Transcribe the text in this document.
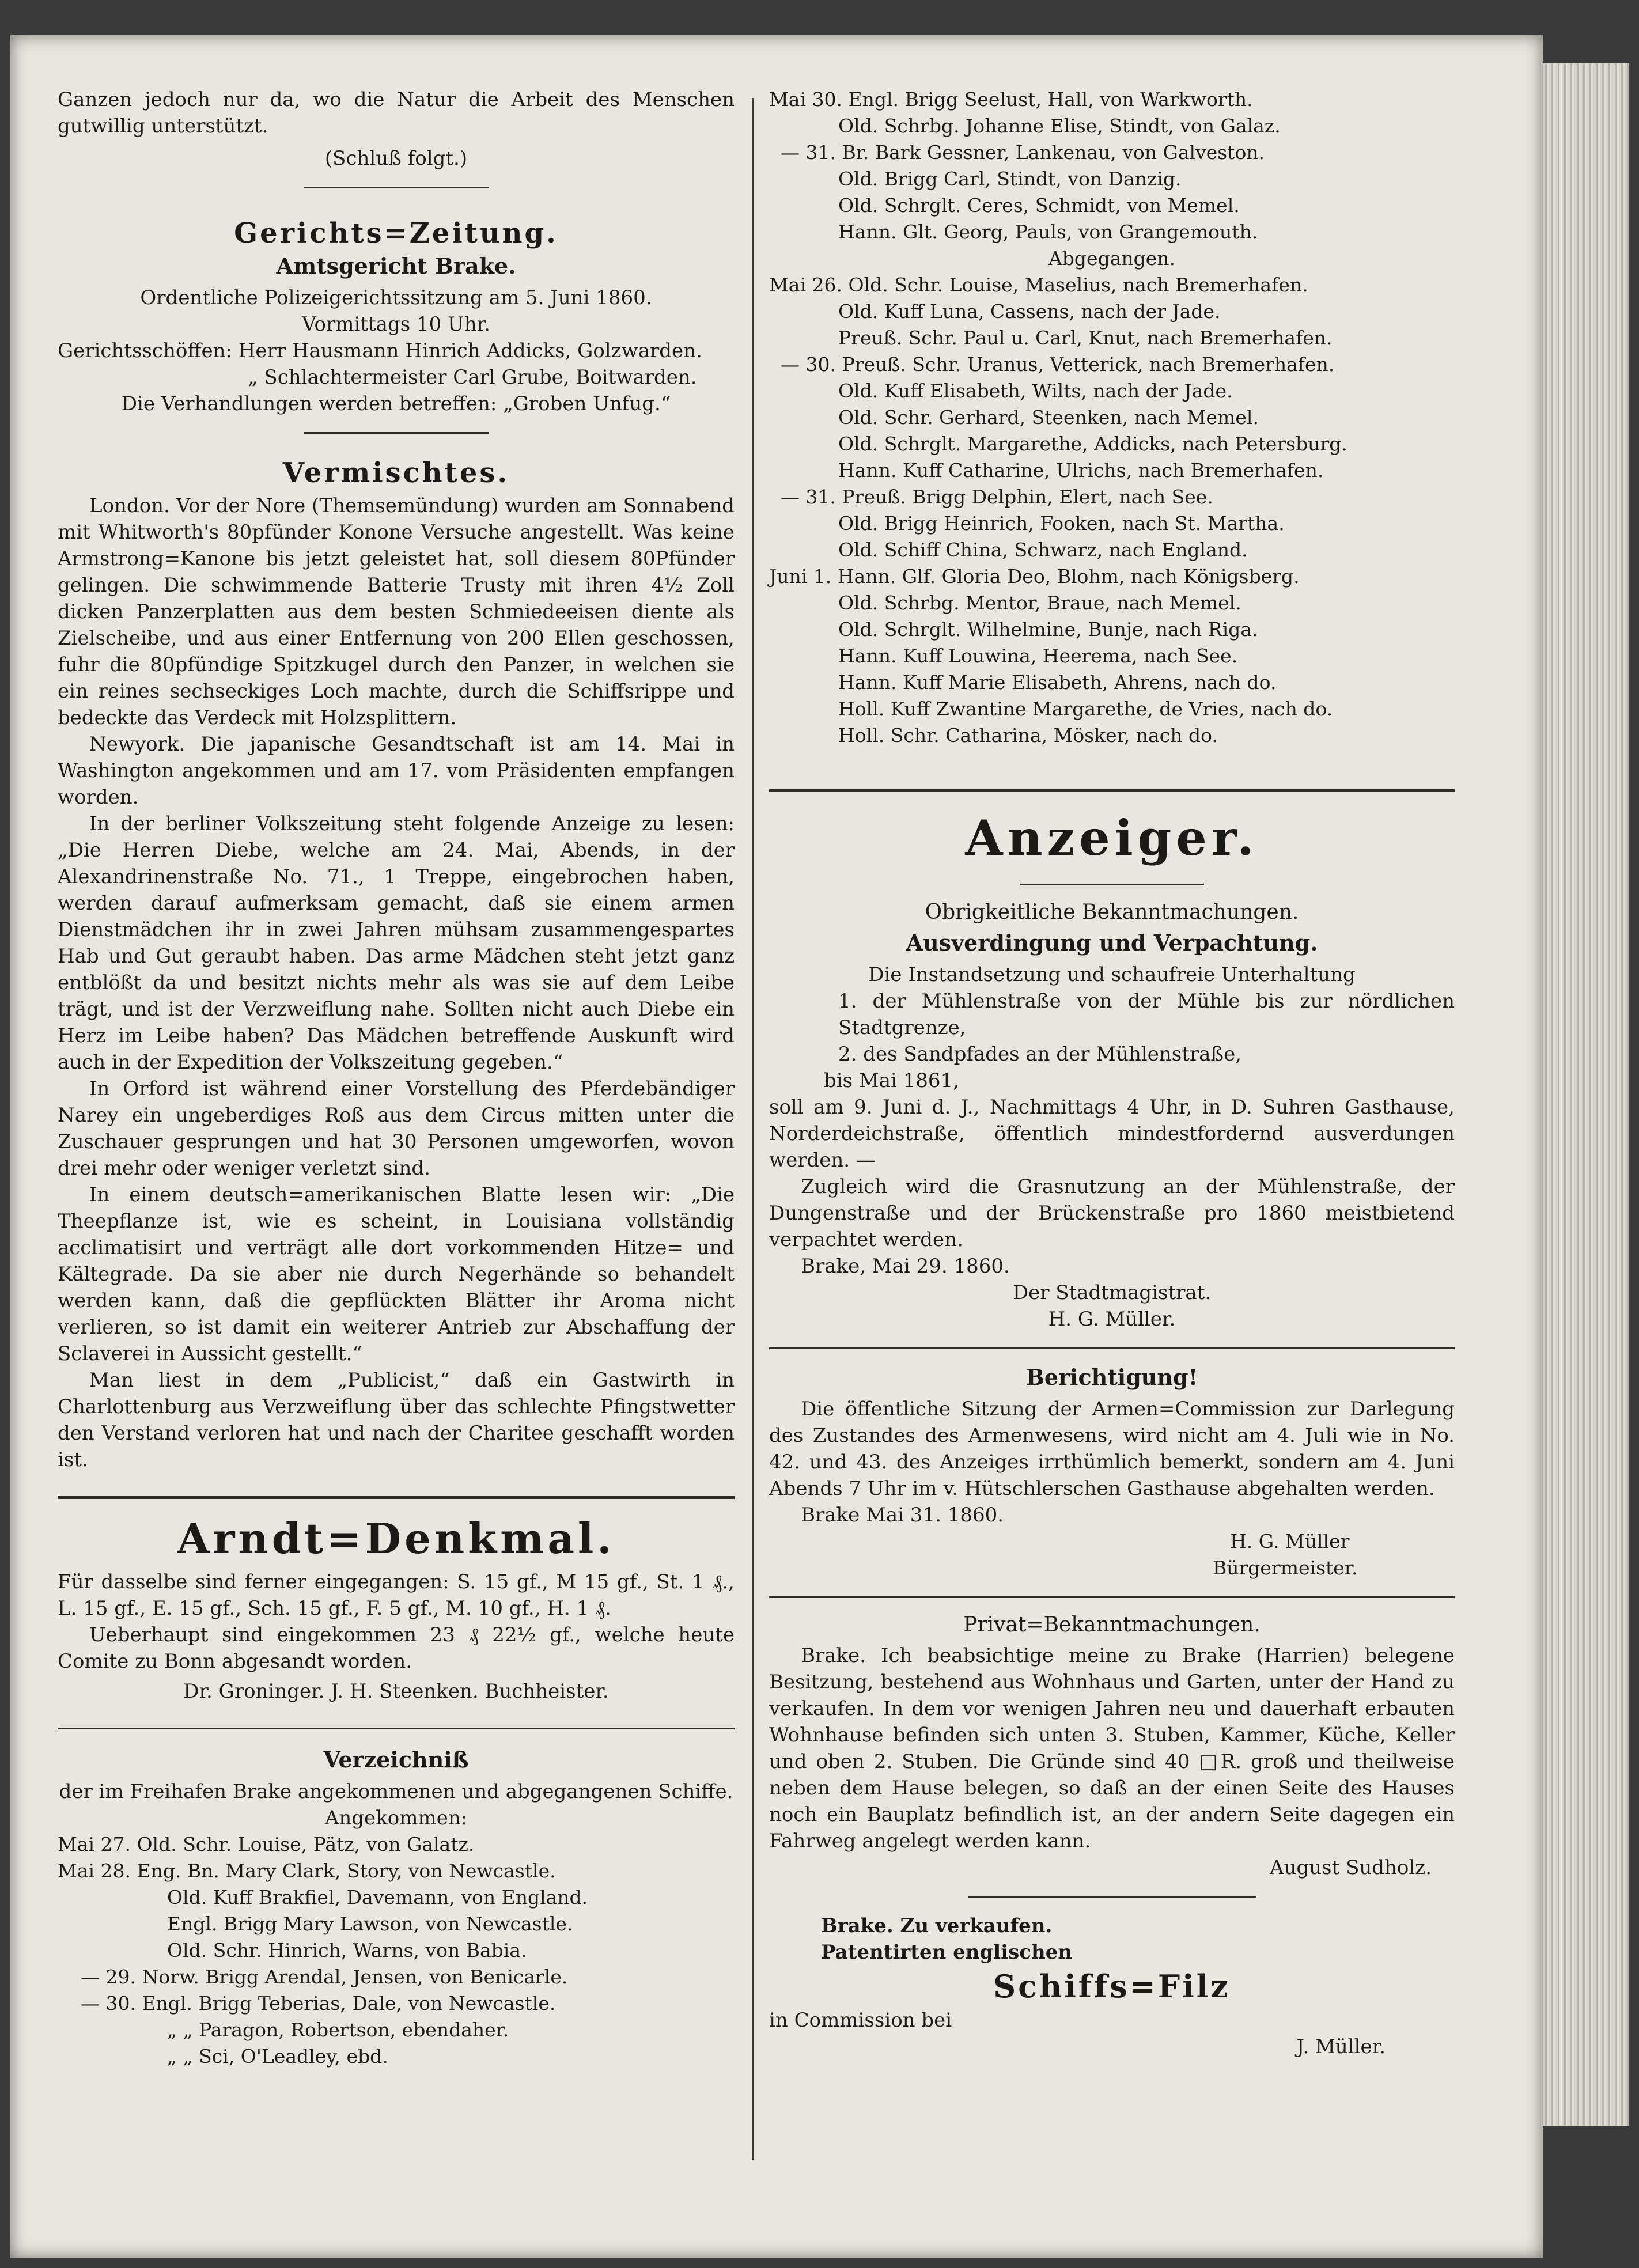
Ganzen jedoch nur da, wo die Natur die Arbeit des Menschen gutwillig unterstützt.

(Schluß folgt.)

Gerichts=Zeitung.
Amtsgericht Brake.

Ordentliche Polizeigerichtssitzung am 5. Juni 1860.

Vormittags 10 Uhr.

Gerichtsschöffen: Herr Hausmann Hinrich Addicks, Golzwarden.

„ Schlachtermeister Carl Grube, Boitwarden.

Die Verhandlungen werden betreffen: „Groben Unfug.“

Vermischtes.

London. Vor der Nore (Themsemündung) wurden am Sonnabend mit Whitworth's 80pfünder Konone Versuche angestellt. Was keine Armstrong=Kanone bis jetzt geleistet hat, soll diesem 80Pfünder gelingen. Die schwimmende Batterie Trusty mit ihren 4½ Zoll dicken Panzerplatten aus dem besten Schmiedeeisen diente als Zielscheibe, und aus einer Entfernung von 200 Ellen geschossen, fuhr die 80pfündige Spitzkugel durch den Panzer, in welchen sie ein reines sechseckiges Loch machte, durch die Schiffsrippe und bedeckte das Verdeck mit Holzsplittern.

Newyork. Die japanische Gesandtschaft ist am 14. Mai in Washington angekommen und am 17. vom Präsidenten empfangen worden.

In der berliner Volkszeitung steht folgende Anzeige zu lesen: „Die Herren Diebe, welche am 24. Mai, Abends, in der Alexandrinenstraße No. 71., 1 Treppe, eingebrochen haben, werden darauf aufmerksam gemacht, daß sie einem armen Dienstmädchen ihr in zwei Jahren mühsam zusammengespartes Hab und Gut geraubt haben. Das arme Mädchen steht jetzt ganz entblößt da und besitzt nichts mehr als was sie auf dem Leibe trägt, und ist der Verzweiflung nahe. Sollten nicht auch Diebe ein Herz im Leibe haben? Das Mädchen betreffende Auskunft wird auch in der Expedition der Volkszeitung gegeben.“

In Orford ist während einer Vorstellung des Pferdebändiger Narey ein ungeberdiges Roß aus dem Circus mitten unter die Zuschauer gesprungen und hat 30 Personen umgeworfen, wovon drei mehr oder weniger verletzt sind.

In einem deutsch=amerikanischen Blatte lesen wir: „Die Theepflanze ist, wie es scheint, in Louisiana vollständig acclimatisirt und verträgt alle dort vorkommenden Hitze= und Kältegrade. Da sie aber nie durch Negerhände so behandelt werden kann, daß die gepflückten Blätter ihr Aroma nicht verlieren, so ist damit ein weiterer Antrieb zur Abschaffung der Sclaverei in Aussicht gestellt.“

Man liest in dem „Publicist,“ daß ein Gastwirth in Charlottenburg aus Verzweiflung über das schlechte Pfingstwetter den Verstand verloren hat und nach der Charitee geschafft worden ist.

Arndt=Denkmal.

Für dasselbe sind ferner eingegangen: S. 15 gf., M 15 gf., St. 1 ₰., L. 15 gf., E. 15 gf., Sch. 15 gf., F. 5 gf., M. 10 gf., H. 1 ₰.

Ueberhaupt sind eingekommen 23 ₰ 22½ gf., welche heute Comite zu Bonn abgesandt worden.

Dr. Groninger. J. H. Steenken. Buchheister.

Verzeichniß

der im Freihafen Brake angekommenen und abgegangenen Schiffe.

Angekommen:

Mai 27. Old. Schr. Louise, Pätz, von Galatz.
Mai 28. Eng. Bn. Mary Clark, Story, von Newcastle.
Old. Kuff Brakfiel, Davemann, von England.
Engl. Brigg Mary Lawson, von Newcastle.
Old. Schr. Hinrich, Warns, von Babia.
— 29. Norw. Brigg Arendal, Jensen, von Benicarle.
— 30. Engl. Brigg Teberias, Dale, von Newcastle.
„ „ Paragon, Robertson, ebendaher.
„ „ Sci, O'Leadley, ebd.
Mai 30. Engl. Brigg Seelust, Hall, von Warkworth.
Old. Schrbg. Johanne Elise, Stindt, von Galaz.
— 31. Br. Bark Gessner, Lankenau, von Galveston.
Old. Brigg Carl, Stindt, von Danzig.
Old. Schrglt. Ceres, Schmidt, von Memel.
Hann. Glt. Georg, Pauls, von Grangemouth.
Abgegangen.
Mai 26. Old. Schr. Louise, Maselius, nach Bremerhafen.
Old. Kuff Luna, Cassens, nach der Jade.
Preuß. Schr. Paul u. Carl, Knut, nach Bremerhafen.
— 30. Preuß. Schr. Uranus, Vetterick, nach Bremerhafen.
Old. Kuff Elisabeth, Wilts, nach der Jade.
Old. Schr. Gerhard, Steenken, nach Memel.
Old. Schrglt. Margarethe, Addicks, nach Petersburg.
Hann. Kuff Catharine, Ulrichs, nach Bremerhafen.
— 31. Preuß. Brigg Delphin, Elert, nach See.
Old. Brigg Heinrich, Fooken, nach St. Martha.
Old. Schiff China, Schwarz, nach England.
Juni 1. Hann. Glf. Gloria Deo, Blohm, nach Königsberg.
Old. Schrbg. Mentor, Braue, nach Memel.
Old. Schrglt. Wilhelmine, Bunje, nach Riga.
Hann. Kuff Louwina, Heerema, nach See.
Hann. Kuff Marie Elisabeth, Ahrens, nach do.
Holl. Kuff Zwantine Margarethe, de Vries, nach do.
Holl. Schr. Catharina, Mösker, nach do.
Anzeiger.
Obrigkeitliche Bekanntmachungen.
Ausverdingung und Verpachtung.

Die Instandsetzung und schaufreie Unterhaltung

1. der Mühlenstraße von der Mühle bis zur nördlichen Stadtgrenze,

2. des Sandpfades an der Mühlenstraße,

bis Mai 1861,

soll am 9. Juni d. J., Nachmittags 4 Uhr, in D. Suhren Gasthause, Norderdeichstraße, öffentlich mindestfordernd ausverdungen werden. —

Zugleich wird die Grasnutzung an der Mühlenstraße, der Dungenstraße und der Brückenstraße pro 1860 meistbietend verpachtet werden.

Brake, Mai 29. 1860.

Der Stadtmagistrat.

H. G. Müller.

Berichtigung!

Die öffentliche Sitzung der Armen=Commission zur Darlegung des Zustandes des Armenwesens, wird nicht am 4. Juli wie in No. 42. und 43. des Anzeiges irrthümlich bemerkt, sondern am 4. Juni Abends 7 Uhr im v. Hütschlerschen Gasthause abgehalten werden.

Brake Mai 31. 1860.

H. G. Müller

Bürgermeister.

Privat=Bekanntmachungen.

Brake. Ich beabsichtige meine zu Brake (Harrien) belegene Besitzung, bestehend aus Wohnhaus und Garten, unter der Hand zu verkaufen. In dem vor wenigen Jahren neu und dauerhaft erbauten Wohnhause befinden sich unten 3. Stuben, Kammer, Küche, Keller und oben 2. Stuben. Die Gründe sind 40 □R. groß und theilweise neben dem Hause belegen, so daß an der einen Seite des Hauses noch ein Bauplatz befindlich ist, an der andern Seite dagegen ein Fahrweg angelegt werden kann.

August Sudholz.

Brake. Zu verkaufen.

Patentirten englischen

Schiffs=Filz

in Commission bei

J. Müller.
